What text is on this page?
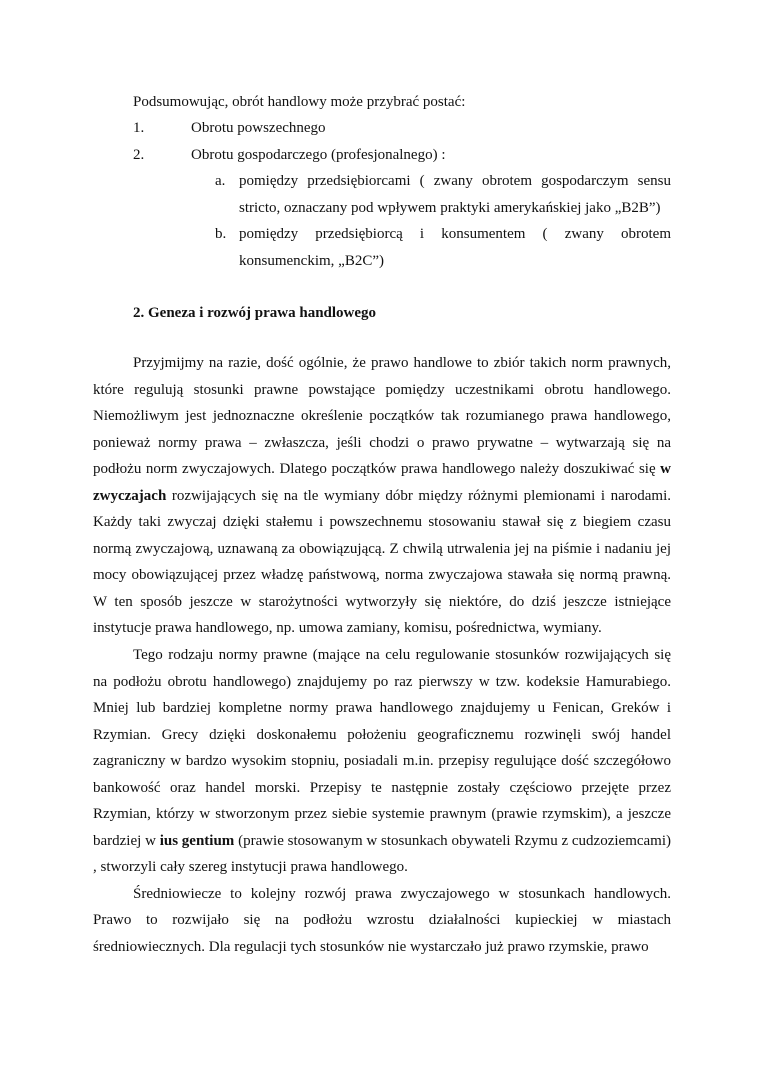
Podsumowując, obrót handlowy może przybrać postać:
1.	Obrotu powszechnego
2.	Obrotu gospodarczego (profesjonalnego) :
a. pomiędzy przedsiębiorcami ( zwany obrotem gospodarczym sensu stricto, oznaczany pod wpływem praktyki amerykańskiej jako „B2B”)
b. pomiędzy przedsiębiorcą i konsumentem ( zwany obrotem konsumenckim, „B2C”)
2. Geneza i rozwój prawa handlowego

Przyjmijmy na razie, dość ogólnie, że prawo handlowe to zbiór takich norm prawnych, które regulują stosunki prawne powstające pomiędzy uczestnikami obrotu handlowego. Niemożliwym jest jednoznaczne określenie początków tak rozumianego prawa handlowego, ponieważ normy prawa – zwłaszcza, jeśli chodzi o prawo prywatne – wytwarzają się na podłożu norm zwyczajowych. Dlatego początków prawa handlowego należy doszukiwać się w zwyczajach rozwijających się na tle wymiany dóbr między różnymi plemionami i narodami. Każdy taki zwyczaj dzięki stałemu i powszechnemu stosowaniu stawał się z biegiem czasu normą zwyczajową, uznawaną za obowiązującą. Z chwilą utrwalenia jej na piśmie i nadaniu jej mocy obowiązującej przez władzę państwową, norma zwyczajowa stawała się normą prawną. W ten sposób jeszcze w starożytności wytworzyły się niektóre, do dziś jeszcze istniejące instytucje prawa handlowego, np. umowa zamiany, komisu, pośrednictwa, wymiany.

Tego rodzaju normy prawne (mające na celu regulowanie stosunków rozwijających się na podłożu obrotu handlowego) znajdujemy po raz pierwszy w tzw. kodeksie Hamurabiego. Mniej lub bardziej kompletne normy prawa handlowego znajdujemy u Fenican, Greków i Rzymian. Grecy dzięki doskonałemu położeniu geograficznemu rozwinęli swój handel zagraniczny w bardzo wysokim stopniu, posiadali m.in. przepisy regulujące dość szczegółowo bankowość oraz handel morski. Przepisy te następnie zostały częściowo przejęte przez Rzymian, którzy w stworzonym przez siebie systemie prawnym (prawie rzymskim), a jeszcze bardziej w ius gentium (prawie stosowanym w stosunkach obywateli Rzymu z cudzoziemcami) , stworzyli cały szereg instytucji prawa handlowego.

Średniowiecze to kolejny rozwój prawa zwyczajowego w stosunkach handlowych. Prawo to rozwijało się na podłożu wzrostu działalności kupieckiej w miastach średniowiecznych. Dla regulacji tych stosunków nie wystarczało już prawo rzymskie, prawo
